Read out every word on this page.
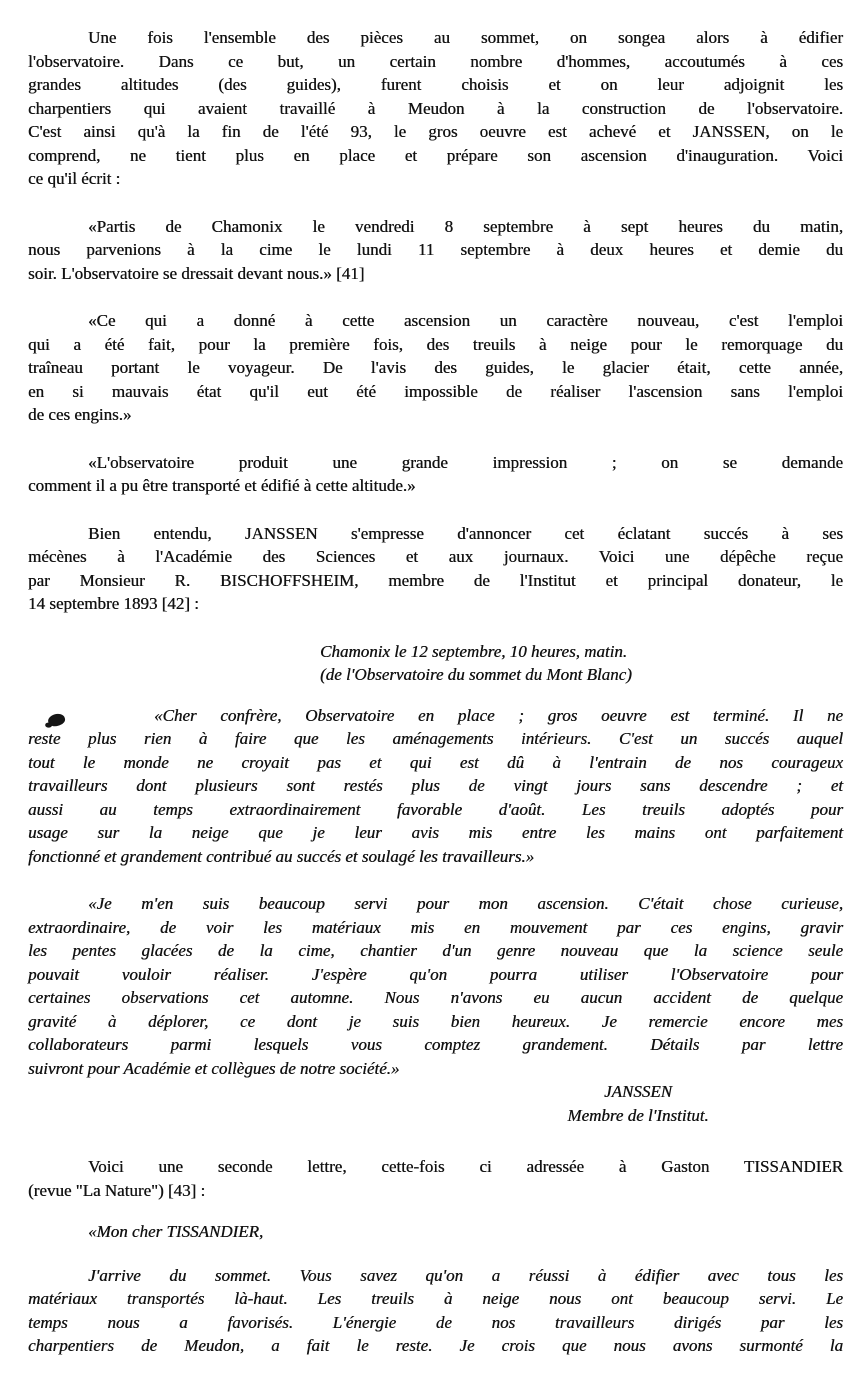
Une fois l'ensemble des pièces au sommet, on songea alors à édifier
l'observatoire. Dans ce but, un certain nombre d'hommes, accoutumés à ces
grandes altitudes (des guides), furent choisis et on leur adjoignit les
charpentiers qui avaient travaillé à Meudon à la construction de l'observatoire.
C'est ainsi qu'à la fin de l'été 93, le gros oeuvre est achevé et JANSSEN, on le
comprend, ne tient plus en place et prépare son ascension d'inauguration. Voici
ce qu'il écrit :
«Partis de Chamonix le vendredi 8 septembre à sept heures du matin,
nous parvenions à la cime le lundi 11 septembre à deux heures et demie du
soir. L'observatoire se dressait devant nous.» [41]
«Ce qui a donné à cette ascension un caractère nouveau, c'est l'emploi
qui a été fait, pour la première fois, des treuils à neige pour le remorquage du
traîneau portant le voyageur. De l'avis des guides, le glacier était, cette année,
en si mauvais état qu'il eut été impossible de réaliser l'ascension sans l'emploi
de ces engins.»
«L'observatoire produit une grande impression ; on se demande
comment il a pu être transporté et édifié à cette altitude.»
Bien entendu, JANSSEN s'empresse d'annoncer cet éclatant succés à ses
mécènes à l'Académie des Sciences et aux journaux. Voici une dépêche reçue
par Monsieur R. BISCHOFFSHEIM, membre de l'Institut et principal donateur, le
14 septembre 1893 [42] :
Chamonix le 12 septembre, 10 heures, matin.
(de l'Observatoire du sommet du Mont Blanc)
«Cher confrère, Observatoire en place ; gros oeuvre est terminé. Il ne
reste plus rien à faire que les aménagements intérieurs. C'est un succés auquel
tout le monde ne croyait pas et qui est dû à l'entrain de nos courageux
travailleurs dont plusieurs sont restés plus de vingt jours sans descendre ; et
aussi au temps extraordinairement favorable d'août. Les treuils adoptés pour
usage sur la neige que je leur avis mis entre les mains ont parfaitement
fonctionné et grandement contribué au succés et soulagé les travailleurs.»
«Je m'en suis beaucoup servi pour mon ascension. C'était chose curieuse,
extraordinaire, de voir les matériaux mis en mouvement par ces engins, gravir
les pentes glacées de la cime, chantier d'un genre nouveau que la science seule
pouvait vouloir réaliser. J'espère qu'on pourra utiliser l'Observatoire pour
certaines observations cet automne. Nous n'avons eu aucun accident de quelque
gravité à déplorer, ce dont je suis bien heureux. Je remercie encore mes
collaborateurs parmi lesquels vous comptez grandement. Détails par lettre
suivront pour Académie et collègues de notre société.»
JANSSEN
Membre de l'Institut.
Voici une seconde lettre, cette-fois ci adressée à Gaston TISSANDIER
(revue "La Nature") [43] :
«Mon cher TISSANDIER,
J'arrive du sommet. Vous savez qu'on a réussi à édifier avec tous les
matériaux transportés là-haut. Les treuils à neige nous ont beaucoup servi. Le
temps nous a favorisés. L'énergie de nos travailleurs dirigés par les
charpentiers de Meudon, a fait le reste. Je crois que nous avons surmonté la
